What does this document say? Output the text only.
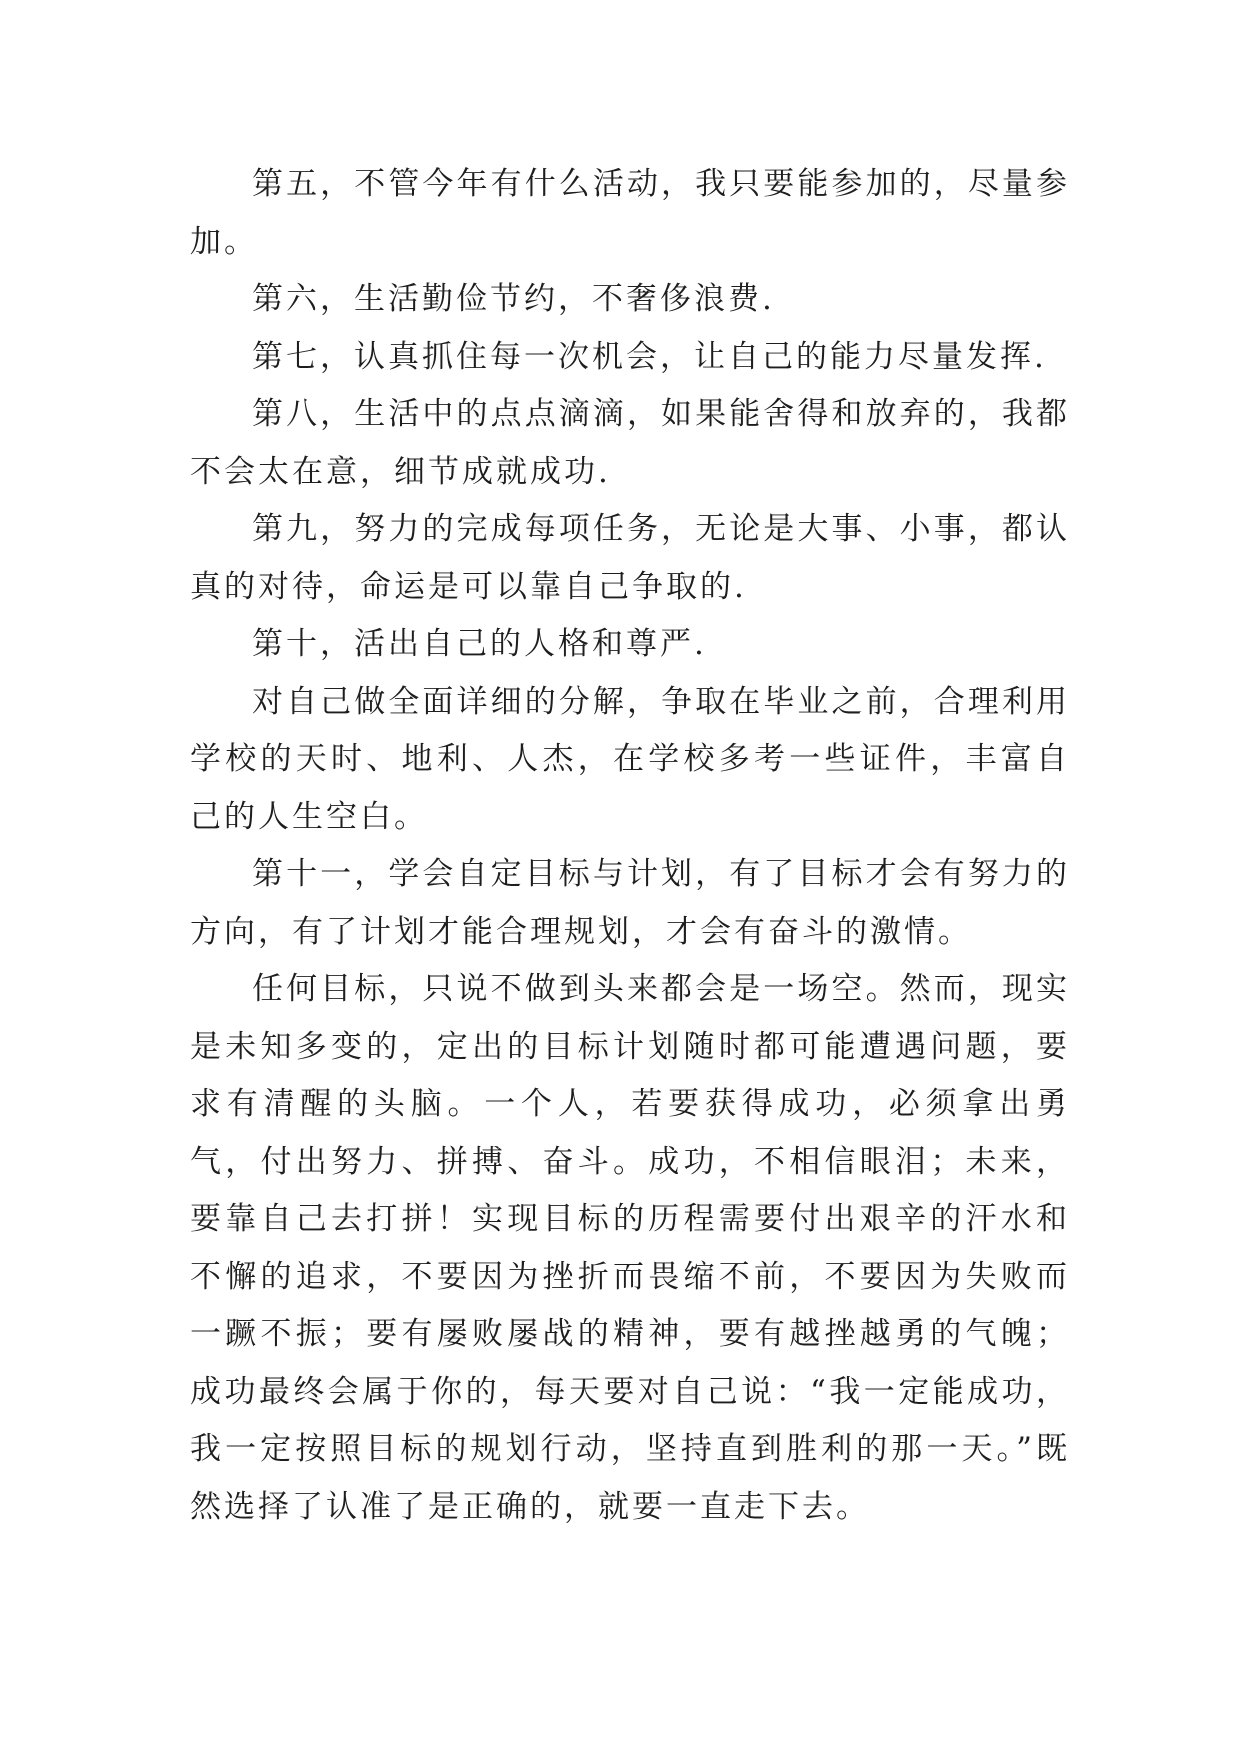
第五，不管今年有什么活动，我只要能参加的，尽量参加。

第六，生活勤俭节约，不奢侈浪费.

第七，认真抓住每一次机会，让自己的能力尽量发挥.

第八，生活中的点点滴滴，如果能舍得和放弃的，我都不会太在意，细节成就成功.

第九，努力的完成每项任务，无论是大事、小事，都认真的对待，命运是可以靠自己争取的.

第十，活出自己的人格和尊严.

对自己做全面详细的分解，争取在毕业之前，合理利用学校的天时、地利、人杰，在学校多考一些证件，丰富自己的人生空白。

第十一，学会自定目标与计划，有了目标才会有努力的方向，有了计划才能合理规划，才会有奋斗的激情。

任何目标，只说不做到头来都会是一场空。然而，现实是未知多变的，定出的目标计划随时都可能遭遇问题，要求有清醒的头脑。一个人，若要获得成功，必须拿出勇气，付出努力、拼搏、奋斗。成功，不相信眼泪；未来，要靠自己去打拼！实现目标的历程需要付出艰辛的汗水和不懈的追求，不要因为挫折而畏缩不前，不要因为失败而一蹶不振；要有屡败屡战的精神，要有越挫越勇的气魄；成功最终会属于你的，每天要对自己说：“我一定能成功，我一定按照目标的规划行动，坚持直到胜利的那一天。”既然选择了认准了是正确的，就要一直走下去。
